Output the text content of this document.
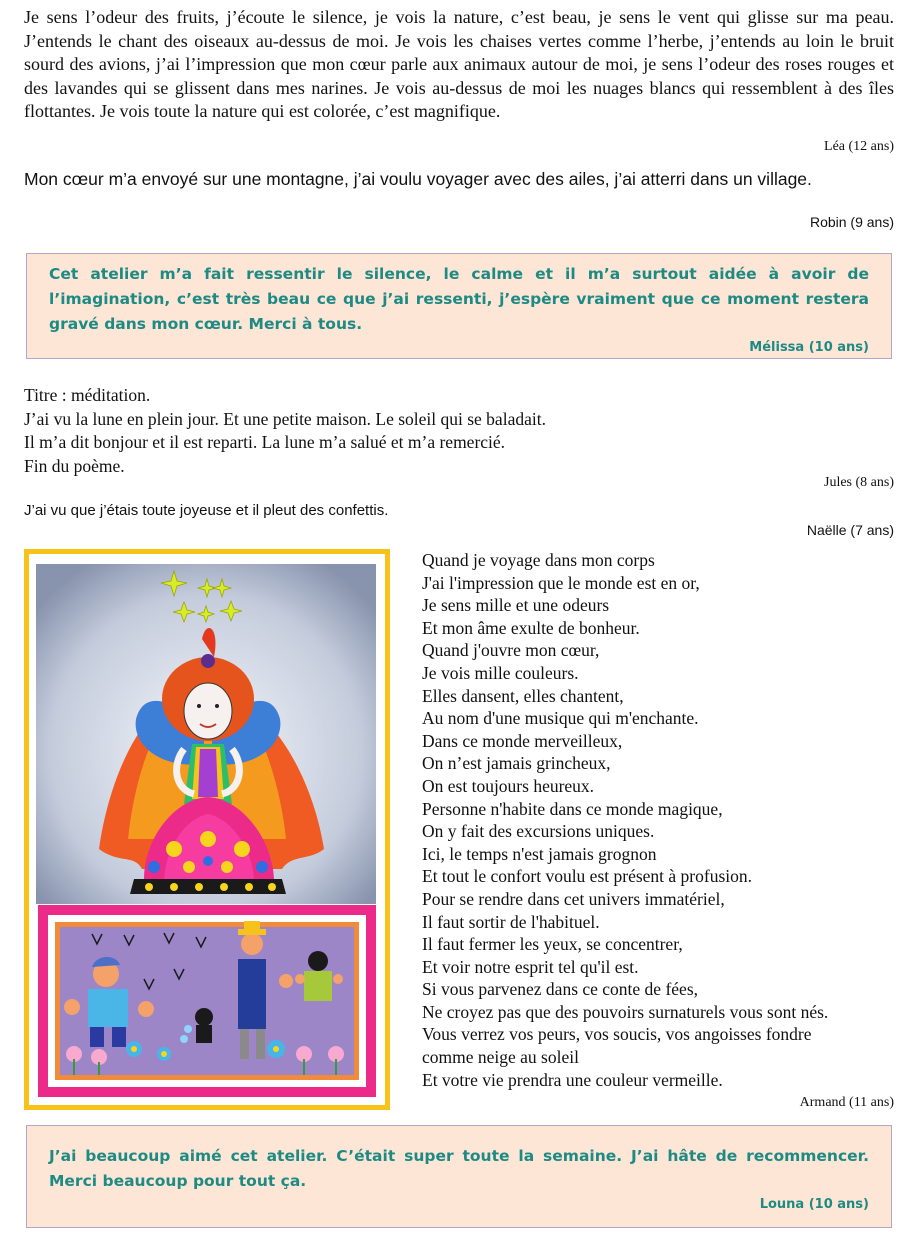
Je sens l’odeur des fruits, j’écoute le silence, je vois la nature, c’est beau, je sens le vent qui glisse sur ma peau. J’entends le chant des oiseaux au-dessus de moi. Je vois les chaises vertes comme l’herbe, j’entends au loin le bruit sourd des avions, j’ai l’impression que mon cœur parle aux animaux autour de moi, je sens l’odeur des roses rouges et des lavandes qui se glissent dans mes narines. Je vois au-dessus de moi les nuages blancs qui ressemblent à des îles flottantes. Je vois toute la nature qui est colorée, c’est magnifique.
Léa (12 ans)
Mon cœur m’a envoyé sur une montagne, j’ai voulu voyager avec des ailes, j’ai atterri dans un village.
Robin (9 ans)
Cet atelier m’a fait ressentir le silence, le calme et il m’a surtout aidée à avoir de l’imagination, c’est très beau ce que j’ai ressenti, j’espère vraiment que ce moment restera gravé dans mon cœur. Merci à tous.
Mélissa (10 ans)
Titre : méditation.
J’ai vu la lune en plein jour. Et une petite maison. Le soleil qui se baladait.
Il m’a dit bonjour et il est reparti. La lune m’a salué et m’a remercié.
Fin du poème.
Jules (8 ans)
J’ai vu que j’étais toute joyeuse et il pleut des confettis.
Naëlle (7 ans)
Quand je voyage dans mon corps
J'ai l'impression que le monde est en or,
Je sens mille et une odeurs
Et mon âme exulte de bonheur.
Quand j'ouvre mon cœur,
Je vois mille couleurs.
Elles dansent, elles chantent,
Au nom d'une musique qui m'enchante.
Dans ce monde merveilleux,
On n’est jamais grincheux,
On est toujours heureux.
Personne n'habite dans ce monde magique,
On y fait des excursions uniques.
Ici, le temps n'est jamais grognon
Et tout le confort voulu est présent à profusion.
Pour se rendre dans cet univers immatériel,
Il faut sortir de l'habituel.
Il faut fermer les yeux, se concentrer,
Et voir notre esprit tel qu'il est.
Si vous parvenez dans ce conte de fées,
Ne croyez pas que des pouvoirs surnaturels vous sont nés.
Vous verrez vos peurs, vos soucis, vos angoisses fondre
comme neige au soleil
Et votre vie prendra une couleur vermeille.
Armand (11 ans)
J’ai beaucoup aimé cet atelier. C’était super toute la semaine. J’ai hâte de recommencer. Merci beaucoup pour tout ça.
Louna (10 ans)
